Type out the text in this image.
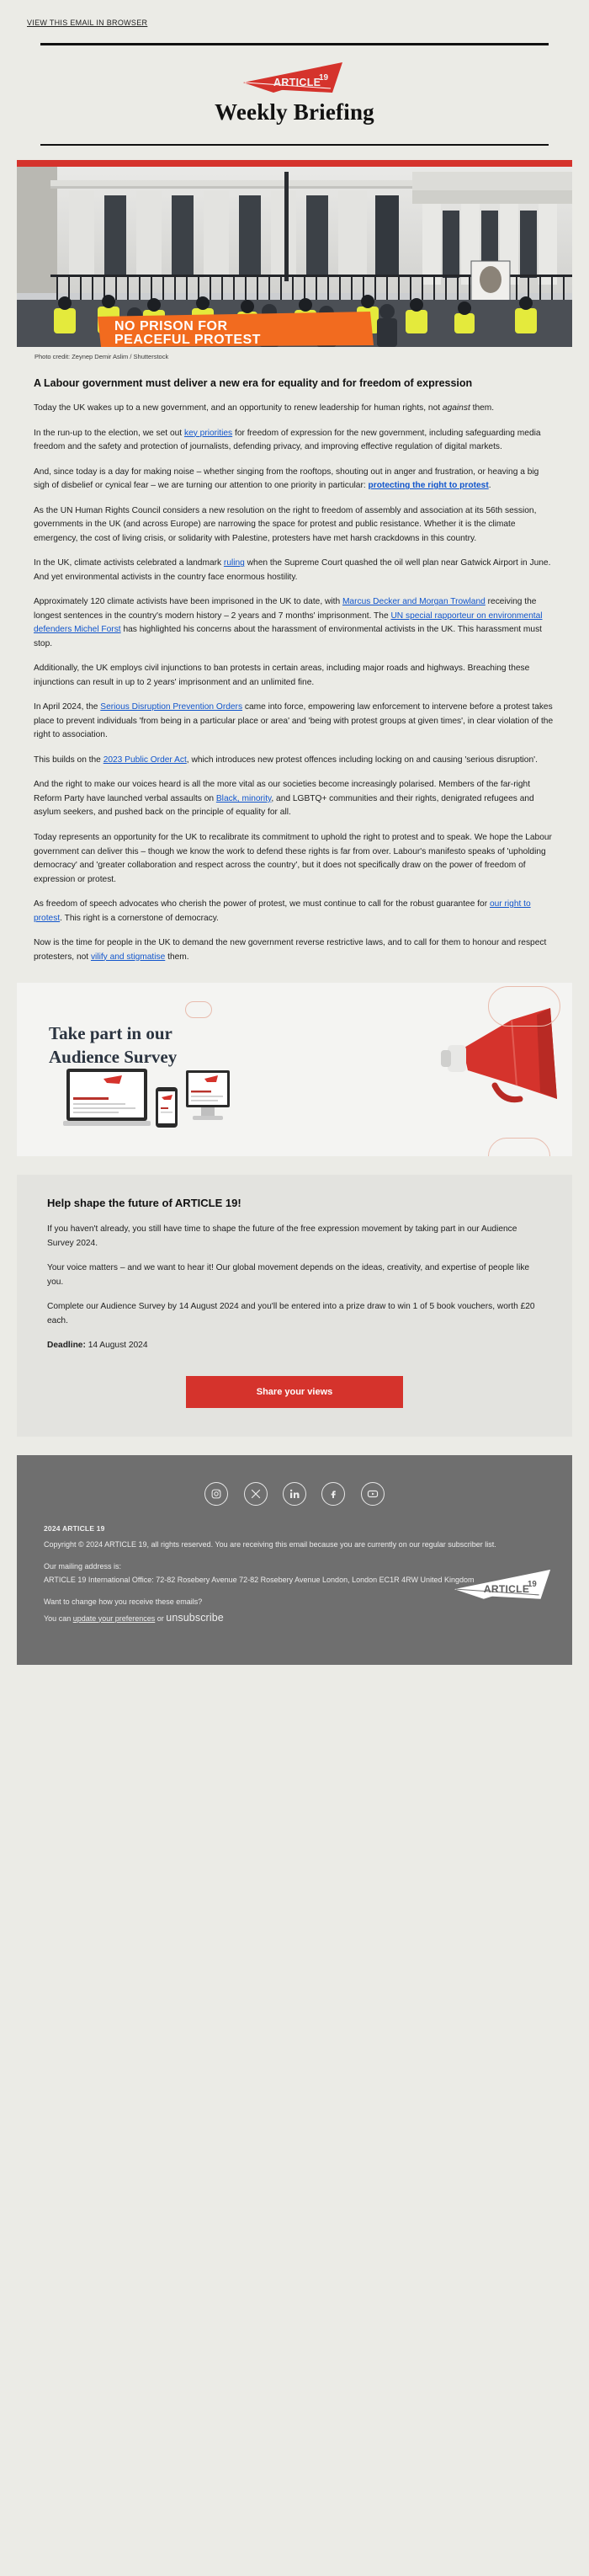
VIEW THIS EMAIL IN BROWSER
ARTICLE
19
Weekly Briefing
NO PRISON FOR
PEACEFUL PROTEST
Photo credit: Zeynep Demir Aslim / Shutterstock
A Labour government must deliver a new era for equality and for freedom of expression

Today the UK wakes up to a new government, and an opportunity to renew leadership for human rights, not against them.

In the run-up to the election, we set out key priorities for freedom of expression for the new government, including safeguarding media freedom and the safety and protection of journalists, defending privacy, and improving effective regulation of digital markets.

And, since today is a day for making noise – whether singing from the rooftops, shouting out in anger and frustration, or heaving a big sigh of disbelief or cynical fear – we are turning our attention to one priority in particular: protecting the right to protest.

As the UN Human Rights Council considers a new resolution on the right to freedom of assembly and association at its 56th session, governments in the UK (and across Europe) are narrowing the space for protest and public resistance. Whether it is the climate emergency, the cost of living crisis, or solidarity with Palestine, protesters have met harsh crackdowns in this country.

In the UK, climate activists celebrated a landmark ruling when the Supreme Court quashed the oil well plan near Gatwick Airport in June. And yet environmental activists in the country face enormous hostility.

Approximately 120 climate activists have been imprisoned in the UK to date, with Marcus Decker and Morgan Trowland receiving the longest sentences in the country's modern history – 2 years and 7 months' imprisonment. The UN special rapporteur on environmental defenders Michel Forst has highlighted his concerns about the harassment of environmental activists in the UK. This harassment must stop.

Additionally, the UK employs civil injunctions to ban protests in certain areas, including major roads and highways. Breaching these injunctions can result in up to 2 years' imprisonment and an unlimited fine.

In April 2024, the Serious Disruption Prevention Orders came into force, empowering law enforcement to intervene before a protest takes place to prevent individuals 'from being in a particular place or area' and 'being with protest groups at given times', in clear violation of the right to association.

This builds on the 2023 Public Order Act, which introduces new protest offences including locking on and causing 'serious disruption'.

And the right to make our voices heard is all the more vital as our societies become increasingly polarised. Members of the far-right Reform Party have launched verbal assaults on Black, minority, and LGBTQ+ communities and their rights, denigrated refugees and asylum seekers, and pushed back on the principle of equality for all.

Today represents an opportunity for the UK to recalibrate its commitment to uphold the right to protest and to speak. We hope the Labour government can deliver this – though we know the work to defend these rights is far from over. Labour's manifesto speaks of 'upholding democracy' and 'greater collaboration and respect across the country', but it does not specifically draw on the power of freedom of expression or protest.

As freedom of speech advocates who cherish the power of protest, we must continue to call for the robust guarantee for our right to protest. This right is a cornerstone of democracy.

Now is the time for people in the UK to demand the new government reverse restrictive laws, and to call for them to honour and respect protesters, not vilify and stigmatise them.

Take part in our
Audience Survey
Help shape the future of ARTICLE 19!

If you haven't already, you still have time to shape the future of the free expression movement by taking part in our Audience Survey 2024.

Your voice matters – and we want to hear it! Our global movement depends on the ideas, creativity, and expertise of people like you.

Complete our Audience Survey by 14 August 2024 and you'll be entered into a prize draw to win 1 of 5 book vouchers, worth £20 each.

Deadline: 14 August 2024

Share your views

2024 ARTICLE 19

Copyright © 2024 ARTICLE 19, all rights reserved. You are receiving this email because you are currently on our regular subscriber list.

Our mailing address is:
ARTICLE 19 International Office: 72-82 Rosebery Avenue 72-82 Rosebery Avenue London, London EC1R 4RW United Kingdom

Want to change how you receive these emails?
You can update your preferences or unsubscribe

ARTICLE
19
